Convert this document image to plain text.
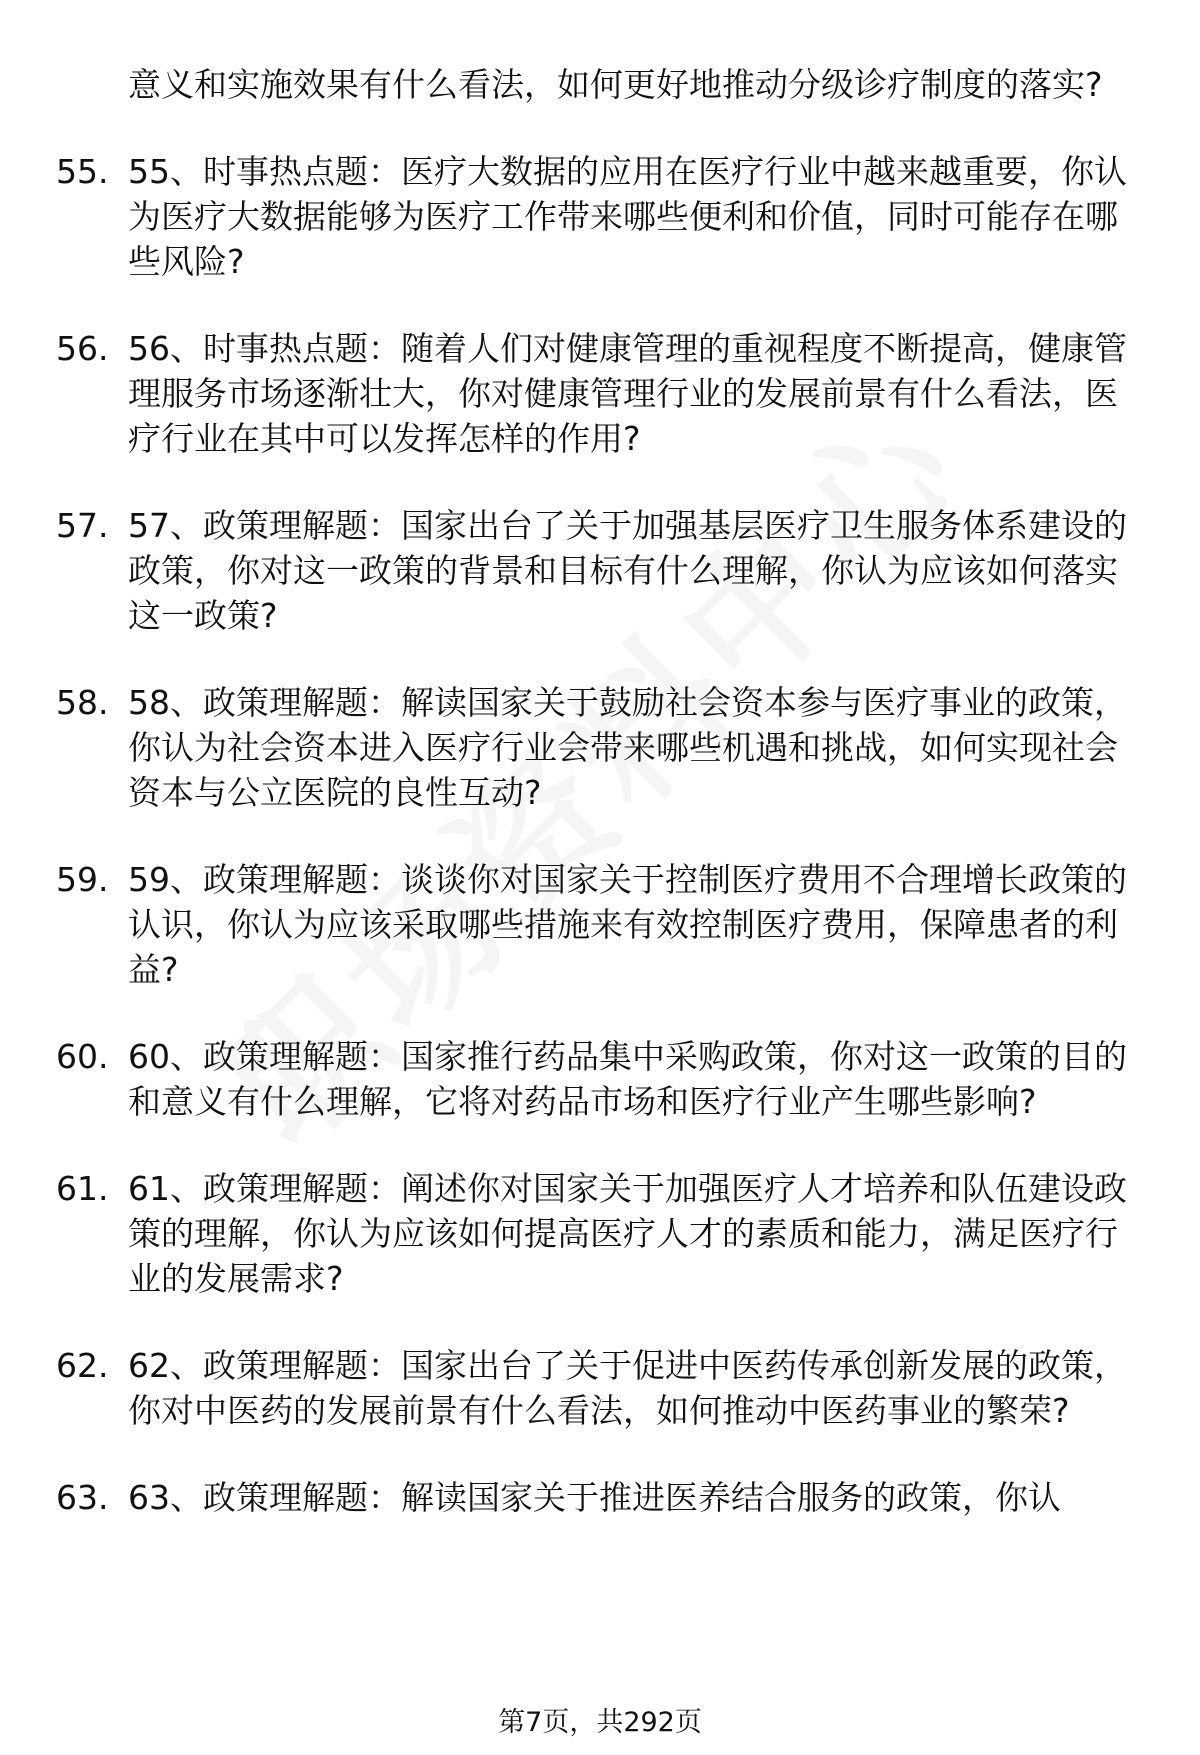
意义和实施效果有什么看法，如何更好地推动分级诊疗制度的落实?
55. 55、时事热点题：医疗大数据的应用在医疗行业中越来越重要，你认为医疗大数据能够为医疗工作带来哪些便利和价值，同时可能存在哪些风险?
56. 56、时事热点题：随着人们对健康管理的重视程度不断提高，健康管理服务市场逐渐壮大，你对健康管理行业的发展前景有什么看法，医疗行业在其中可以发挥怎样的作用?
57. 57、政策理解题：国家出台了关于加强基层医疗卫生服务体系建设的政策，你对这一政策的背景和目标有什么理解，你认为应该如何落实这一政策?
58. 58、政策理解题：解读国家关于鼓励社会资本参与医疗事业的政策，你认为社会资本进入医疗行业会带来哪些机遇和挑战，如何实现社会资本与公立医院的良性互动?
59. 59、政策理解题：谈谈你对国家关于控制医疗费用不合理增长政策的认识，你认为应该采取哪些措施来有效控制医疗费用，保障患者的利益?
60. 60、政策理解题：国家推行药品集中采购政策，你对这一政策的目的和意义有什么理解，它将对药品市场和医疗行业产生哪些影响?
61. 61、政策理解题：阐述你对国家关于加强医疗人才培养和队伍建设政策的理解，你认为应该如何提高医疗人才的素质和能力，满足医疗行业的发展需求?
62. 62、政策理解题：国家出台了关于促进中医药传承创新发展的政策，你对中医药的发展前景有什么看法，如何推动中医药事业的繁荣?
63. 63、政策理解题：解读国家关于推进医养结合服务的政策，你认
第7页，共292页
